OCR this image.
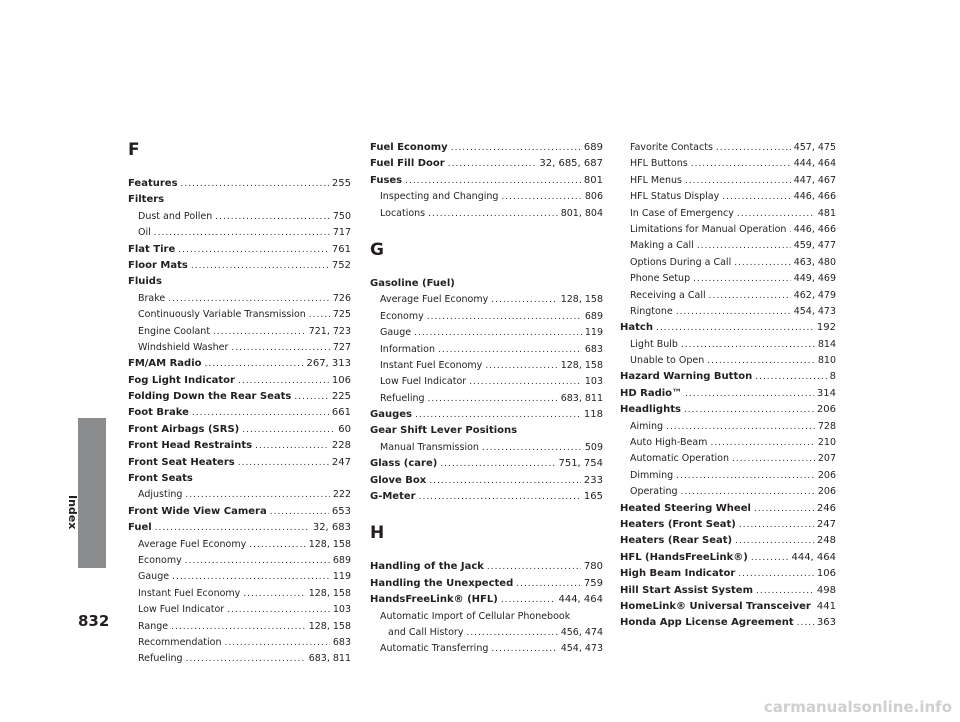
Index
832
F
Features .....	255
Filters
Dust and Pollen .....	750
Oil .....	717
Flat Tire .....	761
Floor Mats .....	752
Fluids
Brake .....	726
Continuously Variable Transmission .....	725
Engine Coolant .....	721, 723
Windshield Washer .....	727
FM/AM Radio .....	267, 313
Fog Light Indicator .....	106
Folding Down the Rear Seats .....	225
Foot Brake .....	661
Front Airbags (SRS) .....	60
Front Head Restraints .....	228
Front Seat Heaters .....	247
Front Seats
Adjusting .....	222
Front Wide View Camera .....	653
Fuel .....	32, 683
Average Fuel Economy .....	128, 158
Economy .....	689
Gauge .....	119
Instant Fuel Economy .....	128, 158
Low Fuel Indicator .....	103
Range .....	128, 158
Recommendation .....	683
Refueling .....	683, 811
Fuel Economy .....	689
Fuel Fill Door .....	32, 685, 687
Fuses .....	801
Inspecting and Changing .....	806
Locations .....	801, 804
G
Gasoline (Fuel)
Average Fuel Economy .....	128, 158
Economy .....	689
Gauge .....	119
Information .....	683
Instant Fuel Economy .....	128, 158
Low Fuel Indicator .....	103
Refueling .....	683, 811
Gauges .....	118
Gear Shift Lever Positions
Manual Transmission .....	509
Glass (care) .....	751, 754
Glove Box .....	233
G-Meter .....	165
H
Handling of the Jack .....	780
Handling the Unexpected .....	759
HandsFreeLink® (HFL) .....	444, 464
Automatic Import of Cellular Phonebook
and Call History .....	456, 474
Automatic Transferring .....	454, 473
Favorite Contacts .....	457, 475
HFL Buttons .....	444, 464
HFL Menus .....	447, 467
HFL Status Display .....	446, 466
In Case of Emergency .....	481
Limitations for Manual Operation ..... 446, 466
Making a Call .....	459, 477
Options During a Call .....	463, 480
Phone Setup .....	449, 469
Receiving a Call .....	462, 479
Ringtone .....	454, 473
Hatch .....	192
Light Bulb .....	814
Unable to Open .....	810
Hazard Warning Button .....	8
HD Radio™ .....	314
Headlights .....	206
Aiming .....	728
Auto High-Beam .....	210
Automatic Operation .....	207
Dimming .....	206
Operating .....	206
Heated Steering Wheel .....	246
Heaters (Front Seat) .....	247
Heaters (Rear Seat) .....	248
HFL (HandsFreeLink®) .....	444, 464
High Beam Indicator .....	106
Hill Start Assist System .....	498
HomeLink® Universal Transceiver ..... 441
Honda App License Agreement ..... 363
carmanualsonline.info
